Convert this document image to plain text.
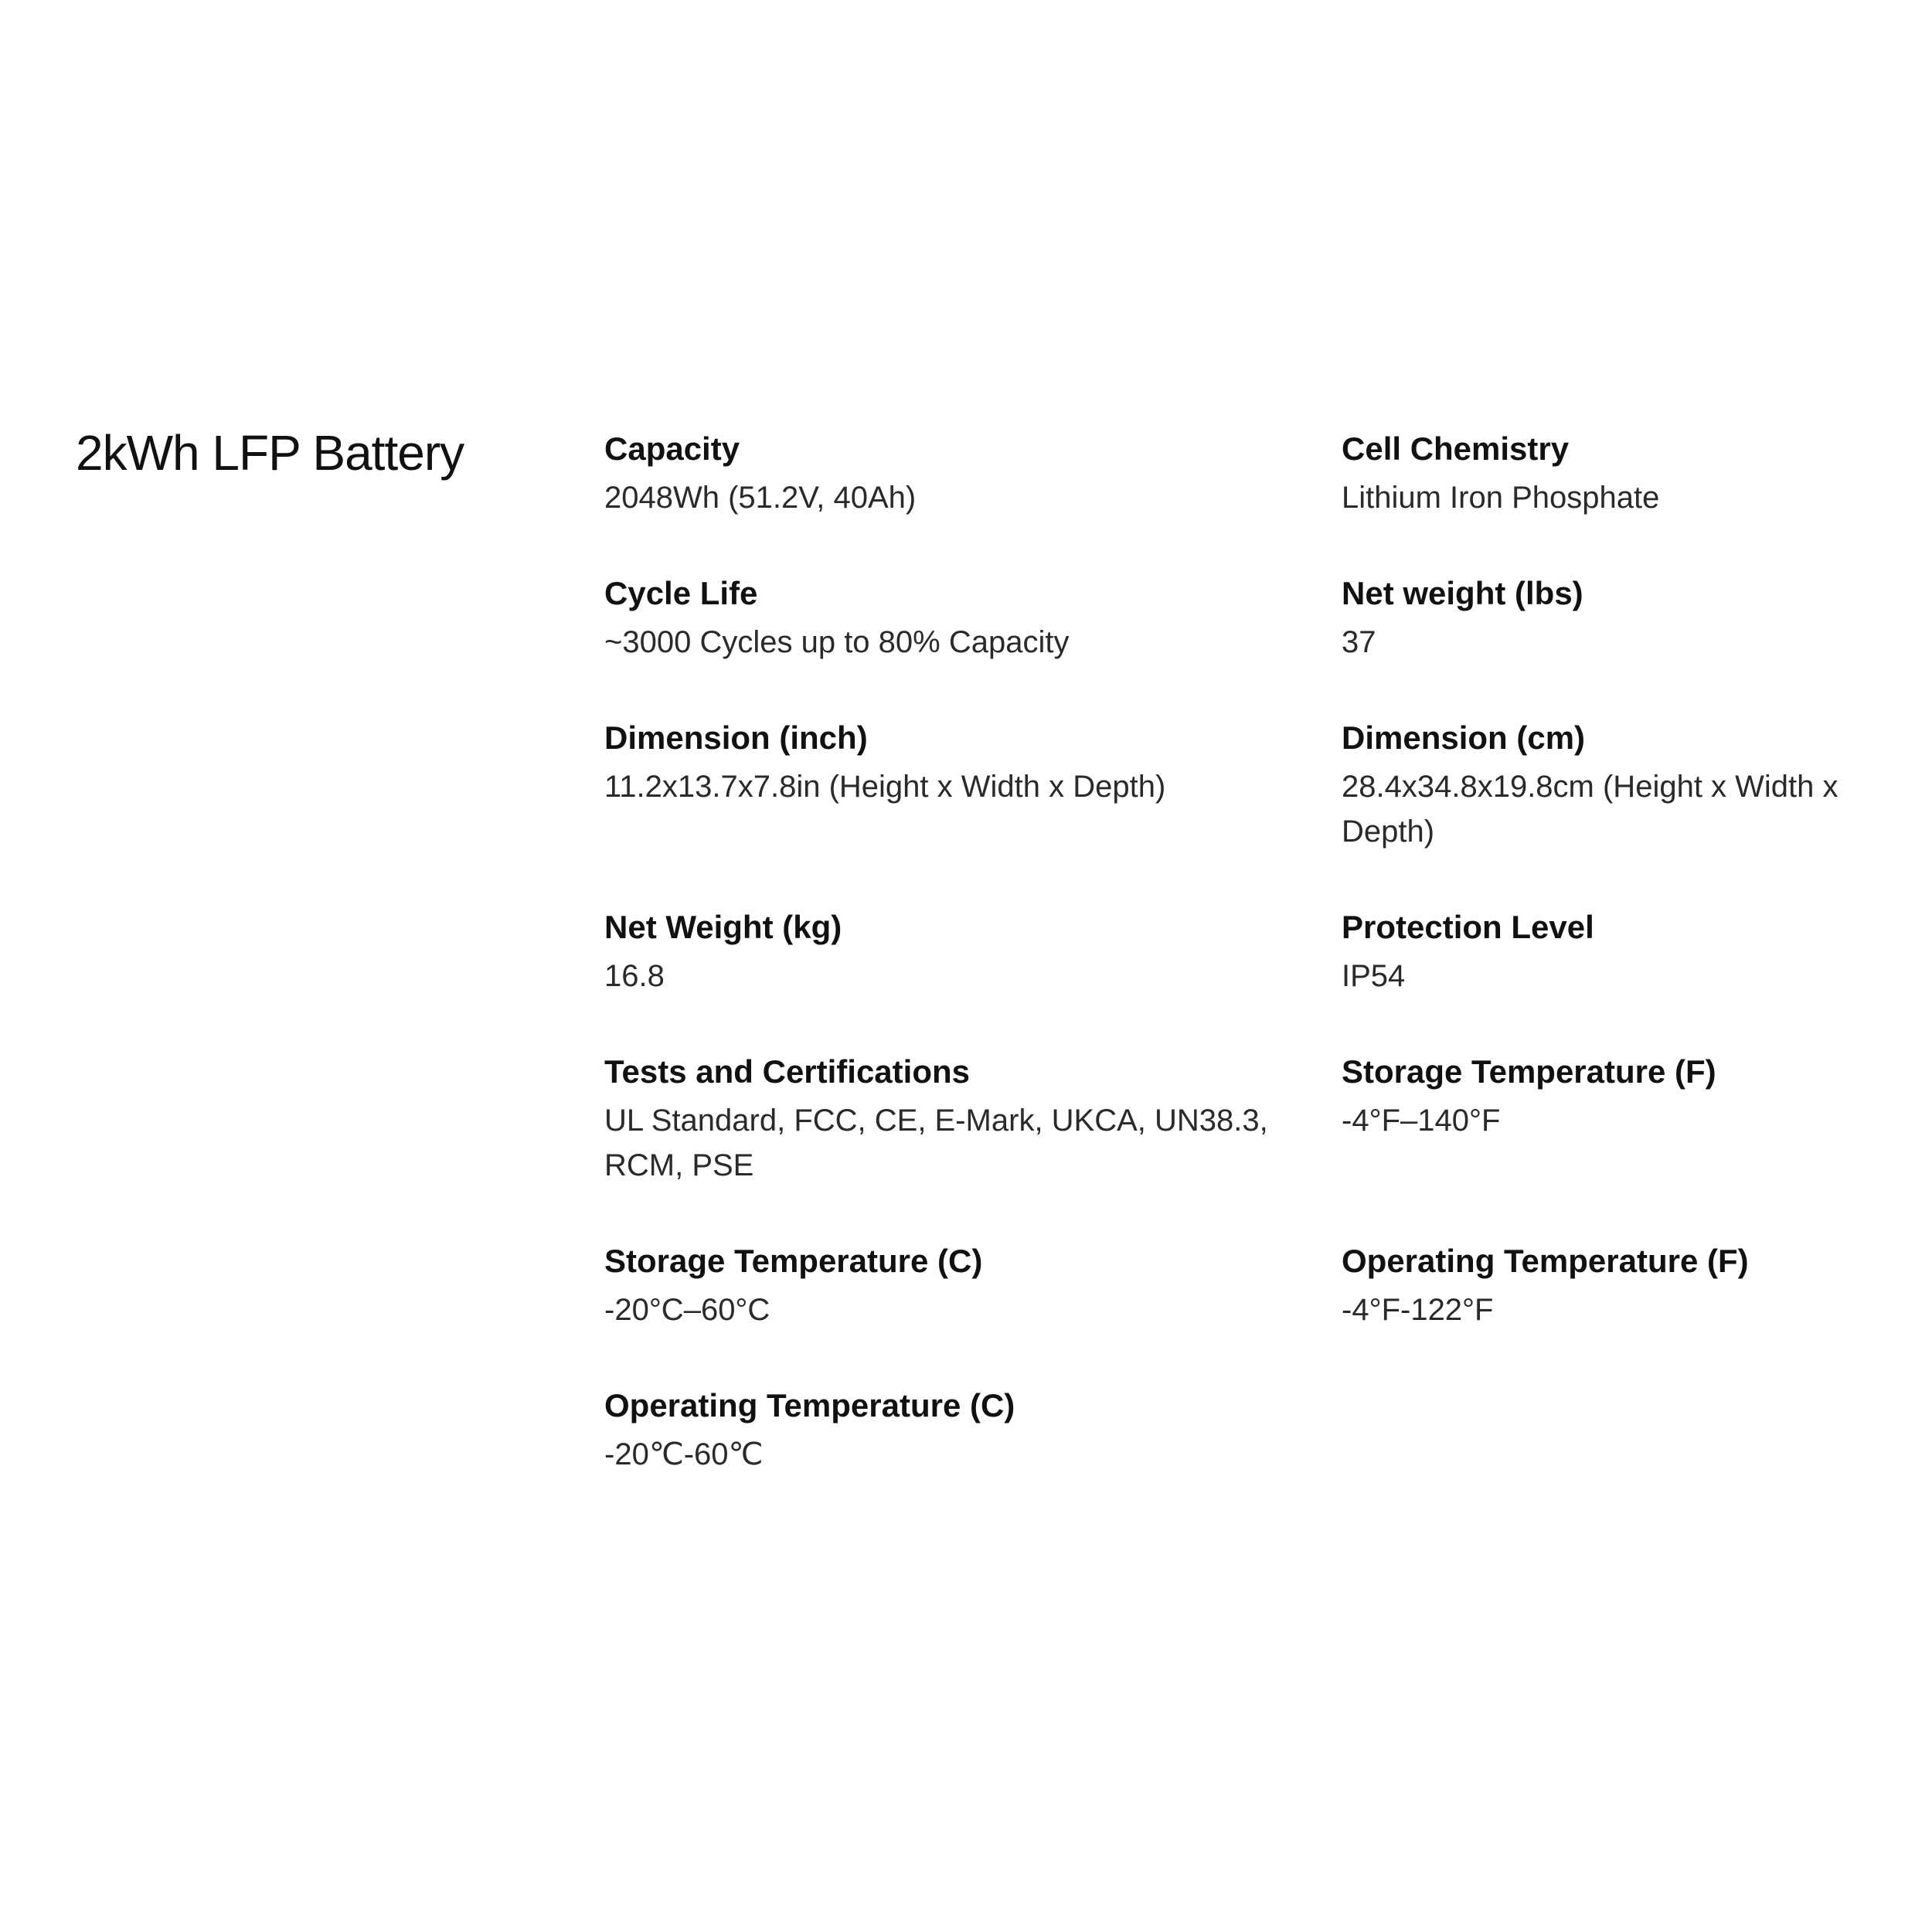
2kWh LFP Battery	Capacity
2048Wh (51.2V, 40Ah)
Cell Chemistry
Lithium Iron Phosphate
Cycle Life
~3000 Cycles up to 80% Capacity
Net weight (lbs)
37
Dimension (inch)
11.2x13.7x7.8in (Height x Width x Depth)
Dimension (cm)
28.4x34.8x19.8cm (Height x Width x Depth)
Net Weight (kg)
16.8
Protection Level
IP54
Tests and Certifications
UL Standard, FCC, CE, E-Mark, UKCA, UN38.3, RCM, PSE
Storage Temperature (F)
-4°F–140°F
Storage Temperature (C)
-20°C–60°C
Operating Temperature (F)
-4°F-122°F
Operating Temperature (C)
-20℃-60℃
